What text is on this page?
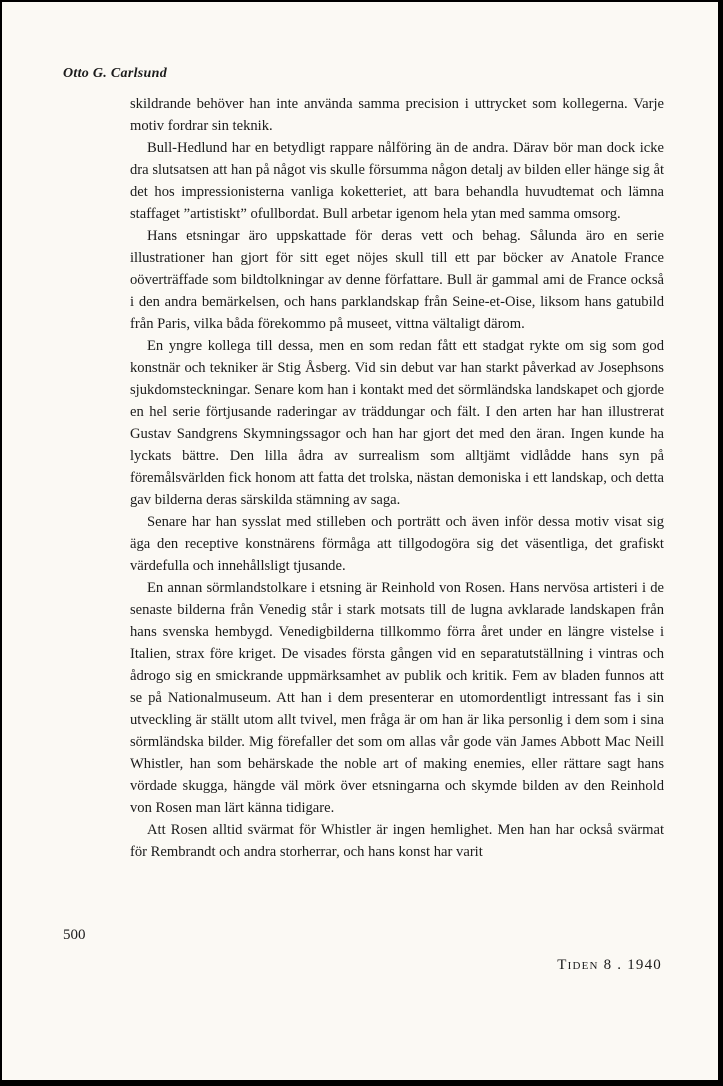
Otto G. Carlsund

skildrande behöver han inte använda samma precision i uttrycket som kollegerna. Varje motiv fordrar sin teknik.

Bull-Hedlund har en betydligt rappare nålföring än de andra. Därav bör man dock icke dra slutsatsen att han på något vis skulle försumma någon detalj av bilden eller hänge sig åt det hos impressionisterna vanliga koketteriet, att bara behandla huvudtemat och lämna staffaget ”artistiskt” ofullbordat. Bull arbetar igenom hela ytan med samma omsorg.

Hans etsningar äro uppskattade för deras vett och behag. Sålunda äro en serie illustrationer han gjort för sitt eget nöjes skull till ett par böcker av Anatole France oöverträffade som bildtolkningar av denne författare. Bull är gammal ami de France också i den andra bemärkelsen, och hans parklandskap från Seine-et-Oise, liksom hans gatubild från Paris, vilka båda förekommo på museet, vittna vältaligt därom.

En yngre kollega till dessa, men en som redan fått ett stadgat rykte om sig som god konstnär och tekniker är Stig Åsberg. Vid sin debut var han starkt påverkad av Josephsons sjukdomsteckningar. Senare kom han i kontakt med det sörmländska landskapet och gjorde en hel serie förtjusande raderingar av träddungar och fält. I den arten har han illustrerat Gustav Sandgrens Skymningssagor och han har gjort det med den äran. Ingen kunde ha lyckats bättre. Den lilla ådra av surrealism som alltjämt vidlådde hans syn på föremålsvärlden fick honom att fatta det trolska, nästan demoniska i ett landskap, och detta gav bilderna deras särskilda stämning av saga.

Senare har han sysslat med stilleben och porträtt och även inför dessa motiv visat sig äga den receptive konstnärens förmåga att tillgodogöra sig det väsentliga, det grafiskt värdefulla och innehållsligt tjusande.

En annan sörmlandstolkare i etsning är Reinhold von Rosen. Hans nervösa artisteri i de senaste bilderna från Venedig står i stark motsats till de lugna avklarade landskapen från hans svenska hembygd. Venedigbilderna tillkommo förra året under en längre vistelse i Italien, strax före kriget. De visades första gången vid en separatutställning i vintras och ådrogo sig en smickrande uppmärksamhet av publik och kritik. Fem av bladen funnos att se på Nationalmuseum. Att han i dem presenterar en utomordentligt intressant fas i sin utveckling är ställt utom allt tvivel, men fråga är om han är lika personlig i dem som i sina sörmländska bilder. Mig förefaller det som om allas vår gode vän James Abbott Mac Neill Whistler, han som behärskade the noble art of making enemies, eller rättare sagt hans vördade skugga, hängde väl mörk över etsningarna och skymde bilden av den Reinhold von Rosen man lärt känna tidigare.

Att Rosen alltid svärmat för Whistler är ingen hemlighet. Men han har också svärmat för Rembrandt och andra storherrar, och hans konst har varit

500
Tiden 8 . 1940
